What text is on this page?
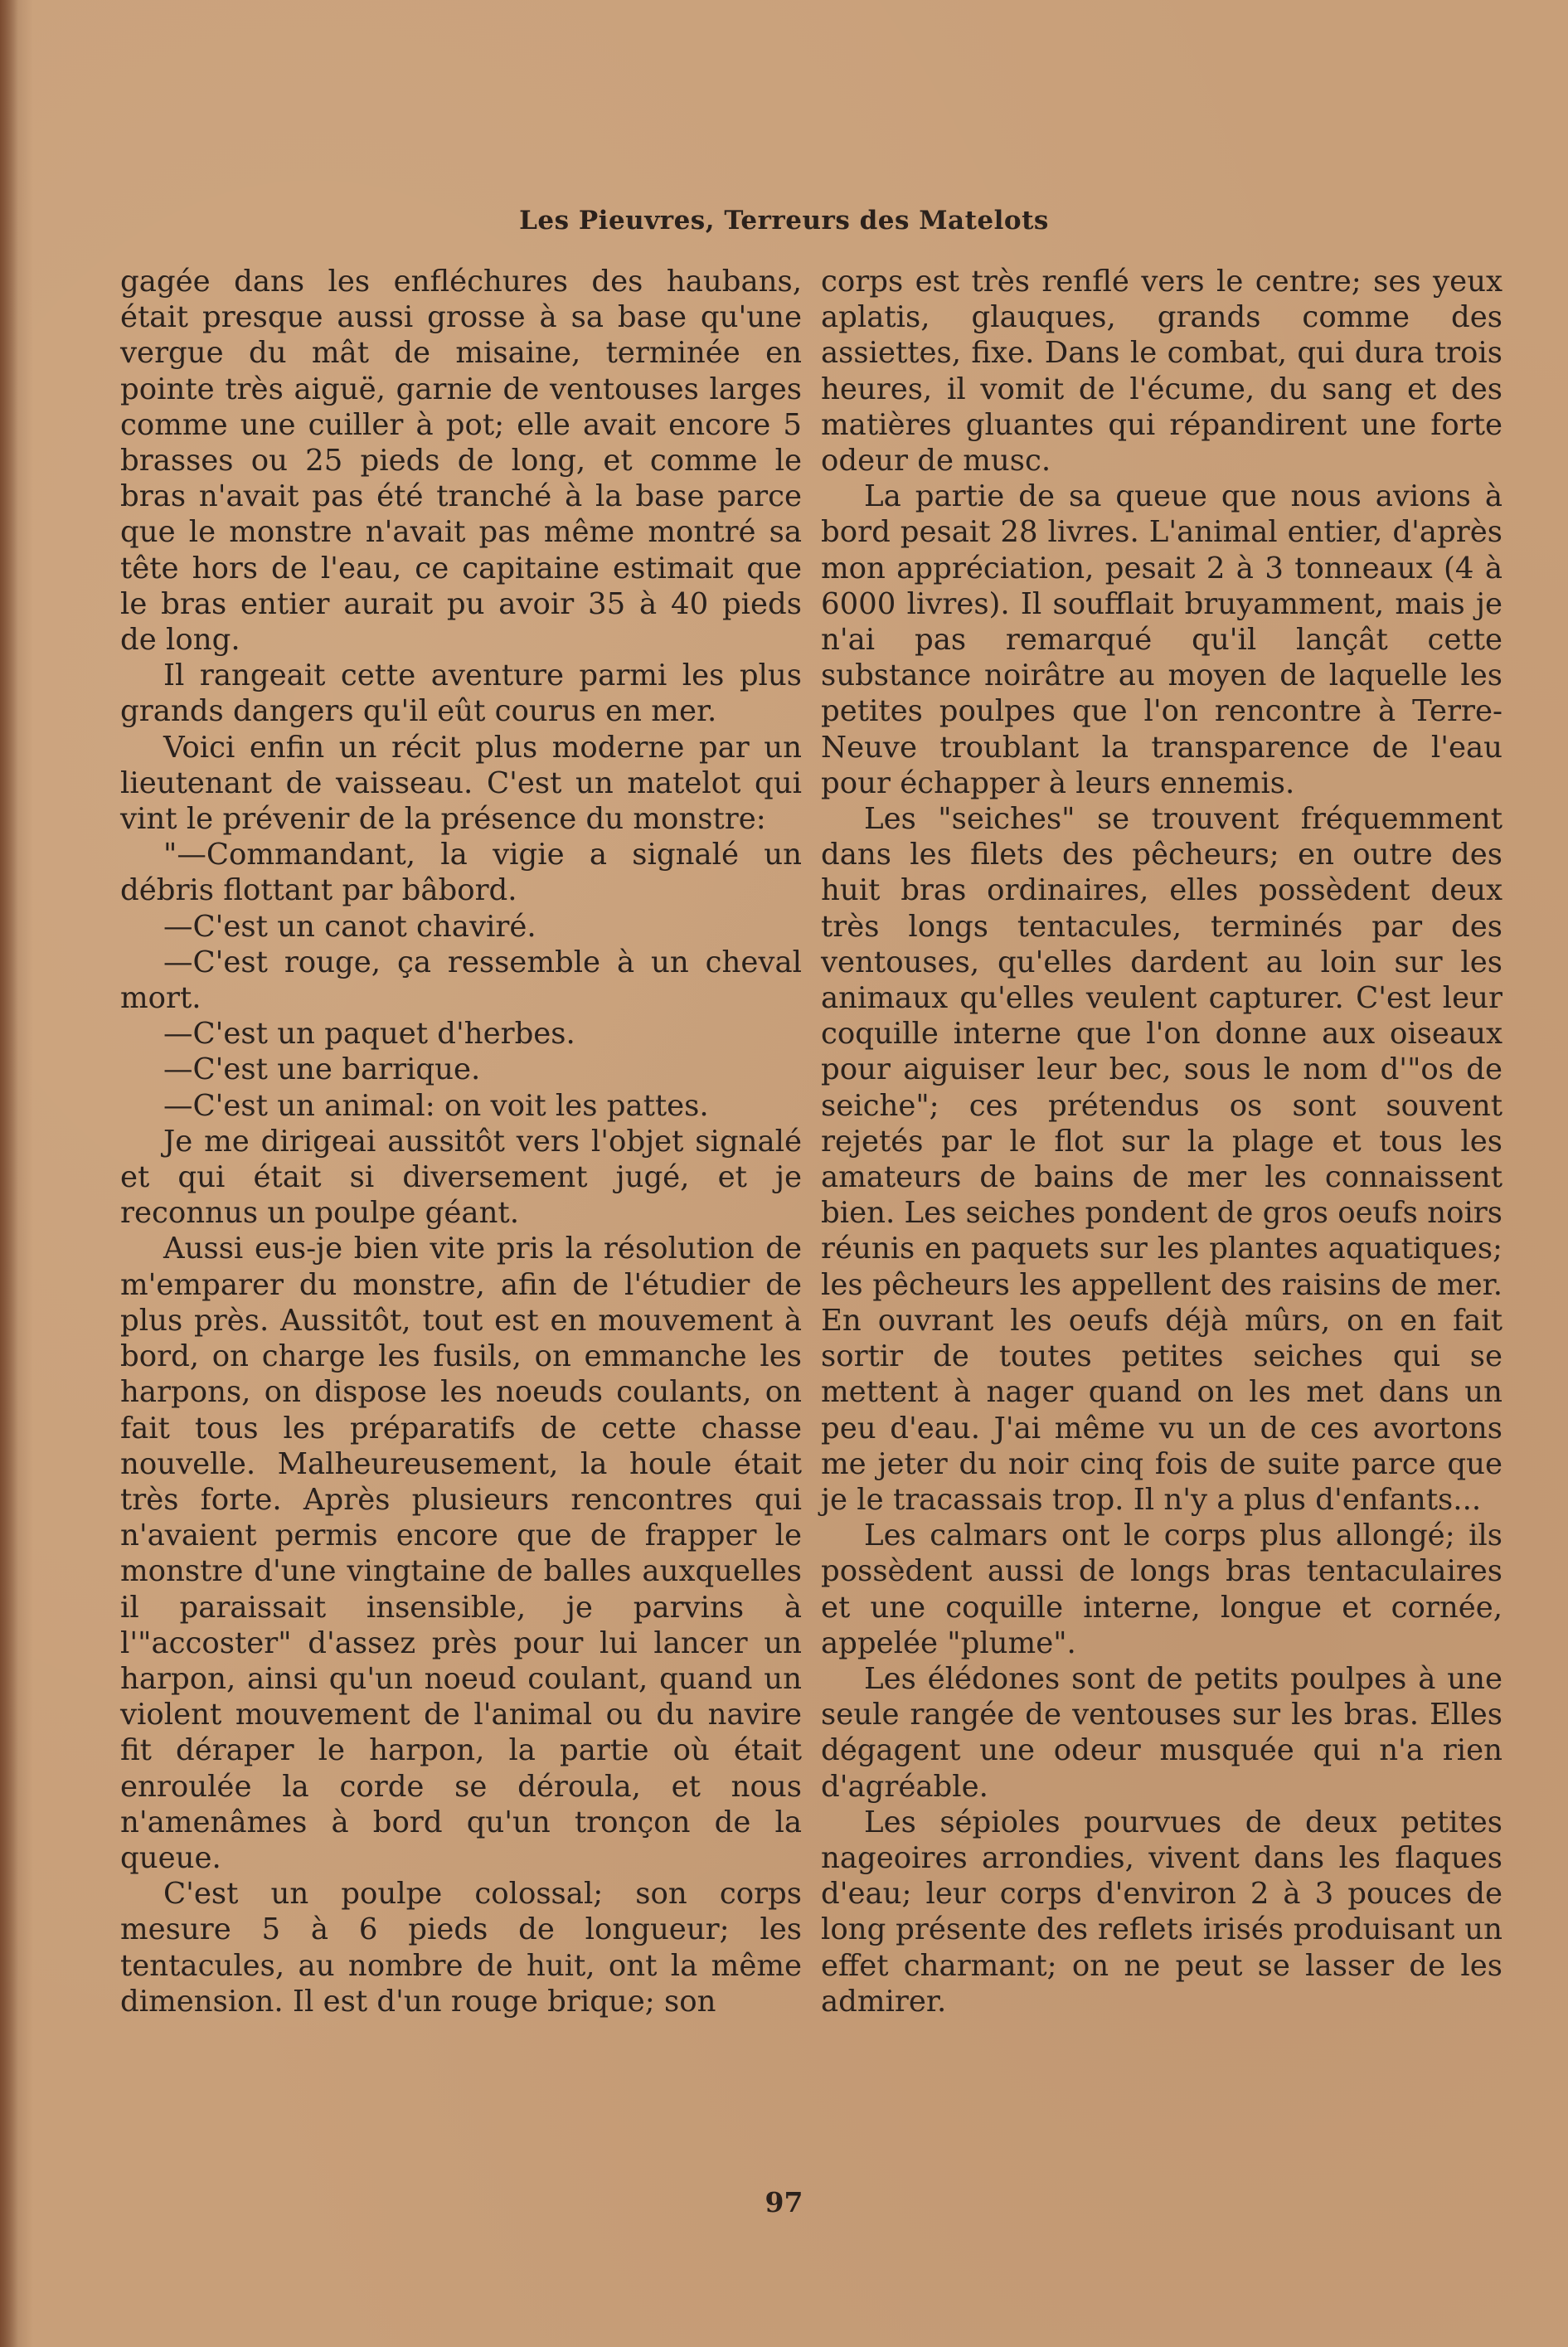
Les Pieuvres, Terreurs des Matelots

gagée dans les enfléchures des haubans, était presque aussi grosse à sa base qu'une vergue du mât de misaine, terminée en pointe très aiguë, garnie de ventouses larges comme une cuiller à pot; elle avait encore 5 brasses ou 25 pieds de long, et comme le bras n'avait pas été tranché à la base parce que le monstre n'avait pas même montré sa tête hors de l'eau, ce capitaine estimait que le bras entier aurait pu avoir 35 à 40 pieds de long.

Il rangeait cette aventure parmi les plus grands dangers qu'il eût courus en mer.

Voici enfin un récit plus moderne par un lieutenant de vaisseau. C'est un matelot qui vint le prévenir de la présence du monstre:

"—Commandant, la vigie a signalé un débris flottant par bâbord.

—C'est un canot chaviré.

—C'est rouge, ça ressemble à un cheval mort.

—C'est un paquet d'herbes.

—C'est une barrique.

—C'est un animal: on voit les pattes.

Je me dirigeai aussitôt vers l'objet signalé et qui était si diversement jugé, et je reconnus un poulpe géant.

Aussi eus-je bien vite pris la résolution de m'emparer du monstre, afin de l'étudier de plus près. Aussitôt, tout est en mouvement à bord, on charge les fusils, on emmanche les harpons, on dispose les noeuds coulants, on fait tous les préparatifs de cette chasse nouvelle. Malheureusement, la houle était très forte. Après plusieurs rencontres qui n'avaient permis encore que de frapper le monstre d'une vingtaine de balles auxquelles il paraissait insensible, je parvins à l'"accoster" d'assez près pour lui lancer un harpon, ainsi qu'un noeud coulant, quand un violent mouvement de l'animal ou du navire fit déraper le harpon, la partie où était enroulée la corde se déroula, et nous n'amenâmes à bord qu'un tronçon de la queue.

C'est un poulpe colossal; son corps mesure 5 à 6 pieds de longueur; les tentacules, au nombre de huit, ont la même dimension. Il est d'un rouge brique; son

corps est très renflé vers le centre; ses yeux aplatis, glauques, grands comme des assiettes, fixe. Dans le combat, qui dura trois heures, il vomit de l'écume, du sang et des matières gluantes qui répandirent une forte odeur de musc.

La partie de sa queue que nous avions à bord pesait 28 livres. L'animal entier, d'après mon appréciation, pesait 2 à 3 tonneaux (4 à 6000 livres). Il soufflait bruyamment, mais je n'ai pas remarqué qu'il lançât cette substance noirâtre au moyen de laquelle les petites poulpes que l'on rencontre à Terre-Neuve troublant la transparence de l'eau pour échapper à leurs ennemis.

Les "seiches" se trouvent fréquemment dans les filets des pêcheurs; en outre des huit bras ordinaires, elles possèdent deux très longs tentacules, terminés par des ventouses, qu'elles dardent au loin sur les animaux qu'elles veulent capturer. C'est leur coquille interne que l'on donne aux oiseaux pour aiguiser leur bec, sous le nom d'"os de seiche"; ces prétendus os sont souvent rejetés par le flot sur la plage et tous les amateurs de bains de mer les connaissent bien. Les seiches pondent de gros oeufs noirs réunis en paquets sur les plantes aquatiques; les pêcheurs les appellent des raisins de mer. En ouvrant les oeufs déjà mûrs, on en fait sortir de toutes petites seiches qui se mettent à nager quand on les met dans un peu d'eau. J'ai même vu un de ces avortons me jeter du noir cinq fois de suite parce que je le tracassais trop. Il n'y a plus d'enfants...

Les calmars ont le corps plus allongé; ils possèdent aussi de longs bras tentaculaires et une coquille interne, longue et cornée, appelée "plume".

Les élédones sont de petits poulpes à une seule rangée de ventouses sur les bras. Elles dégagent une odeur musquée qui n'a rien d'agréable.

Les sépioles pourvues de deux petites nageoires arrondies, vivent dans les flaques d'eau; leur corps d'environ 2 à 3 pouces de long présente des reflets irisés produisant un effet charmant; on ne peut se lasser de les admirer.

97
